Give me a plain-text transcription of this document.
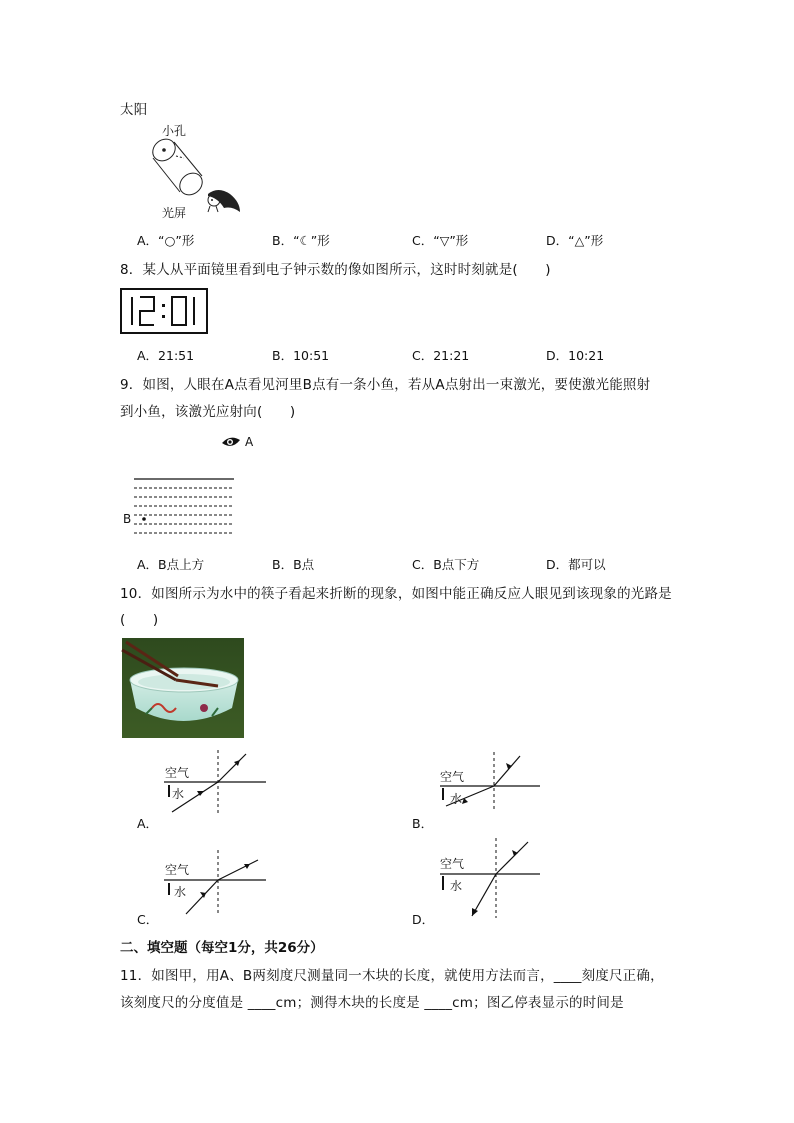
太阳
小孔
光屏
A．“○”形	B．“☾”形	C．“▽”形	D．“△”形
8．某人从平面镜里看到电子钟示数的像如图所示，这时时刻就是(　　)
A．21:51	B．10:51	C．21:21	D．10:21
9．如图，人眼在A点看见河里B点有一条小鱼，若从A点射出一束激光，要使激光能照射
到小鱼，该激光应射向(　　)
A
B
A．B点上方	B．B点	C．B点下方	D．都可以
10．如图所示为水中的筷子看起来折断的现象，如图中能正确反应人眼见到该现象的光路是
(　　)
空气
水
A．
空气
水
B．
空气
水
C．
空气
水
D．
二、填空题（每空1分，共26分）
11．如图甲，用A、B两刻度尺测量同一木块的长度，就使用方法而言，____刻度尺正确，
该刻度尺的分度值是 ____cm；测得木块的长度是 ____cm；图乙停表显示的时间是
